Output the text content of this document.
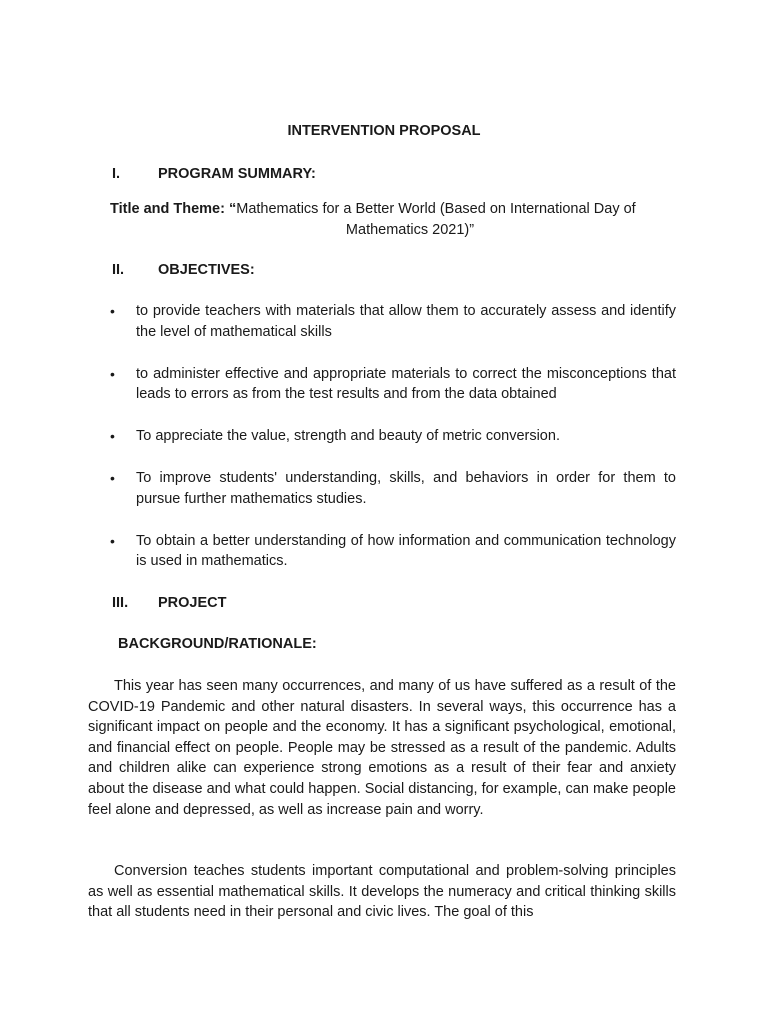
INTERVENTION PROPOSAL
I.	PROGRAM SUMMARY:
Title and Theme: “Mathematics for a Better World (Based on International Day of
Mathematics 2021)”
II. OBJECTIVES:
• to provide teachers with materials that allow them to accurately assess and identify the level of mathematical skills
• to administer effective and appropriate materials to correct the misconceptions that leads to errors as from the test results and from the data obtained
• To appreciate the value, strength and beauty of metric conversion.
• To improve students' understanding, skills, and behaviors in order for them to pursue further mathematics studies.
• To obtain a better understanding of how information and communication technology is used in mathematics.
III. PROJECT
BACKGROUND/RATIONALE:

This year has seen many occurrences, and many of us have suffered as a result of the COVID-19 Pandemic and other natural disasters. In several ways, this occurrence has a significant impact on people and the economy. It has a significant psychological, emotional, and financial effect on people. People may be stressed as a result of the pandemic. Adults and children alike can experience strong emotions as a result of their fear and anxiety about the disease and what could happen. Social distancing, for example, can make people feel alone and depressed, as well as increase pain and worry.

Conversion teaches students important computational and problem-solving principles as well as essential mathematical skills. It develops the numeracy and critical thinking skills that all students need in their personal and civic lives. The goal of this
